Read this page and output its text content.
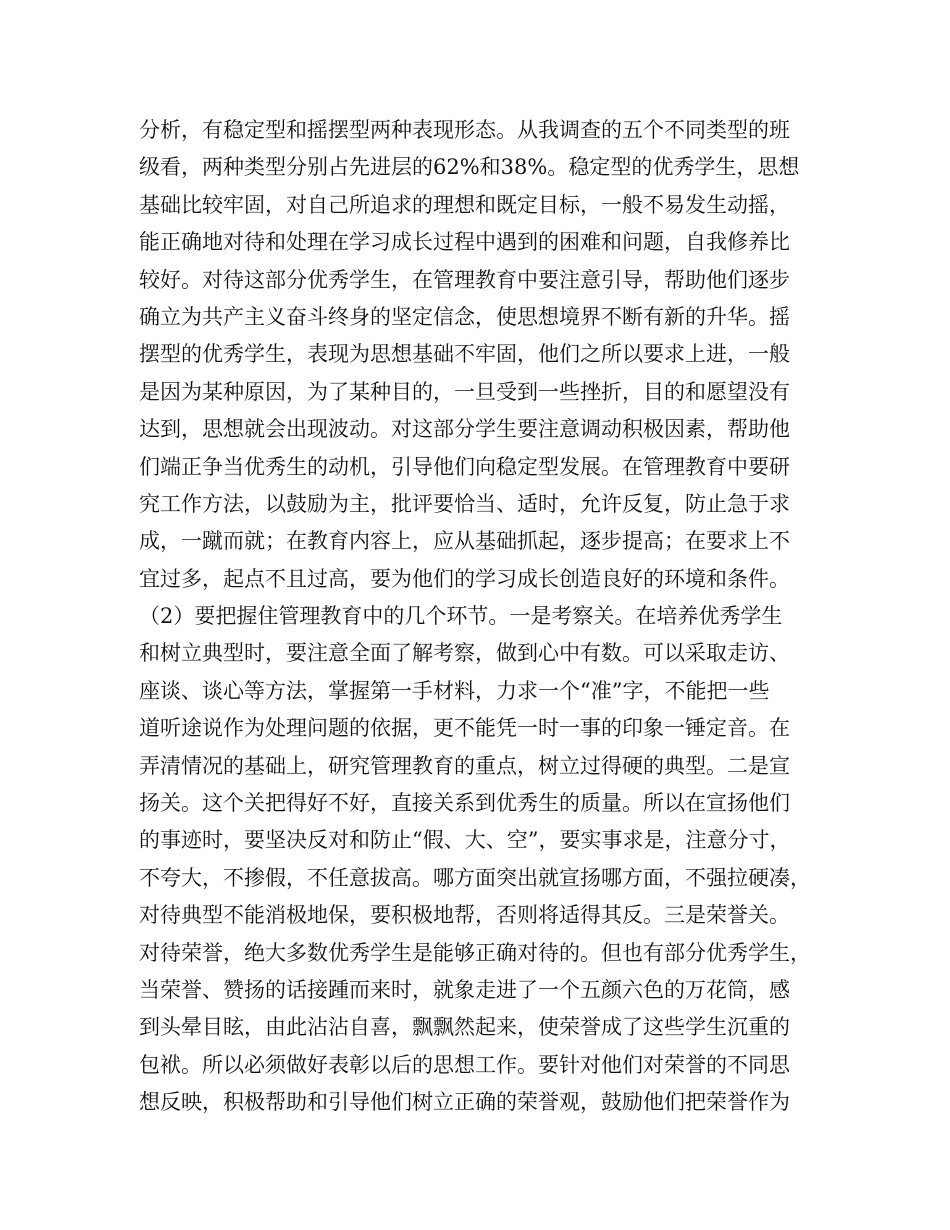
分析，有稳定型和摇摆型两种表现形态。从我调查的五个不同类型的班
级看，两种类型分别占先进层的62%和38%。稳定型的优秀学生，思想
基础比较牢固，对自己所追求的理想和既定目标，一般不易发生动摇，
能正确地对待和处理在学习成长过程中遇到的困难和问题，自我修养比
较好。对待这部分优秀学生，在管理教育中要注意引导，帮助他们逐步
确立为共产主义奋斗终身的坚定信念，使思想境界不断有新的升华。摇
摆型的优秀学生，表现为思想基础不牢固，他们之所以要求上进，一般
是因为某种原因，为了某种目的，一旦受到一些挫折，目的和愿望没有
达到，思想就会出现波动。对这部分学生要注意调动积极因素，帮助他
们端正争当优秀生的动机，引导他们向稳定型发展。在管理教育中要研
究工作方法，以鼓励为主，批评要恰当、适时，允许反复，防止急于求
成，一蹴而就；在教育内容上，应从基础抓起，逐步提高；在要求上不
宜过多，起点不且过高，要为他们的学习成长创造良好的环境和条件。
（2）要把握住管理教育中的几个环节。一是考察关。在培养优秀学生
和树立典型时，要注意全面了解考察，做到心中有数。可以采取走访、
座谈、谈心等方法，掌握第一手材料，力求一个“准”字，不能把一些
道听途说作为处理问题的依据，更不能凭一时一事的印象一锤定音。在
弄清情况的基础上，研究管理教育的重点，树立过得硬的典型。二是宣
扬关。这个关把得好不好，直接关系到优秀生的质量。所以在宣扬他们
的事迹时，要坚决反对和防止“假、大、空”，要实事求是，注意分寸，
不夸大，不掺假，不任意拔高。哪方面突出就宣扬哪方面，不强拉硬凑，
对待典型不能消极地保，要积极地帮，否则将适得其反。三是荣誉关。
对待荣誉，绝大多数优秀学生是能够正确对待的。但也有部分优秀学生，
当荣誉、赞扬的话接踵而来时，就象走进了一个五颜六色的万花筒，感
到头晕目眩，由此沾沾自喜，飘飘然起来，使荣誉成了这些学生沉重的
包袱。所以必须做好表彰以后的思想工作。要针对他们对荣誉的不同思
想反映，积极帮助和引导他们树立正确的荣誉观，鼓励他们把荣誉作为
